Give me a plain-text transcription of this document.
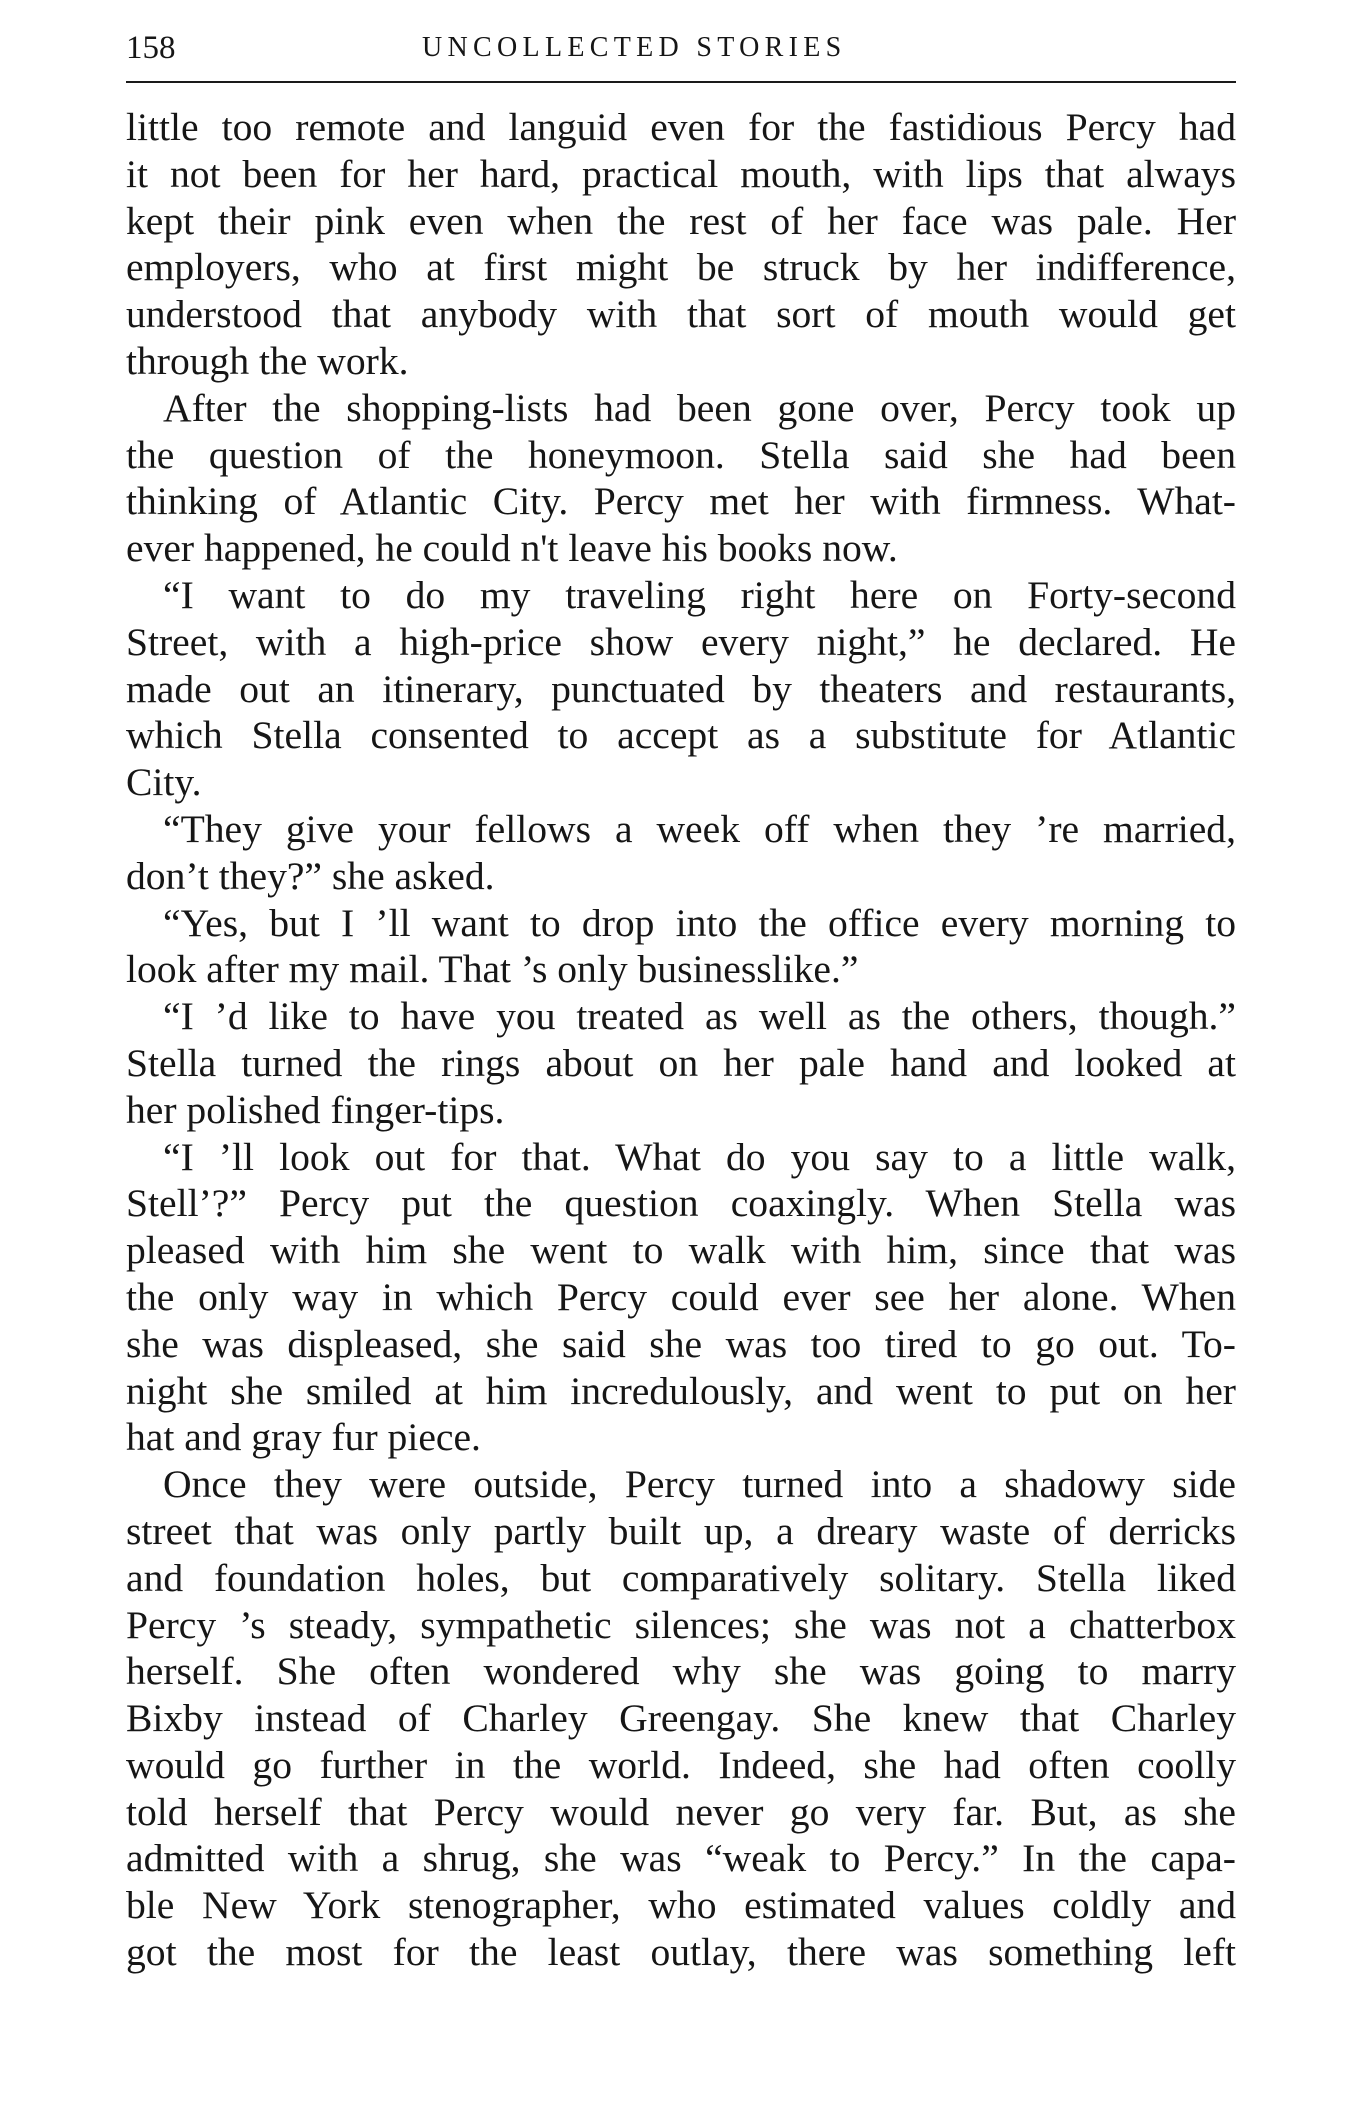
158	UNCOLLECTED STORIES
little too remote and languid even for the fastidious Percy had
it not been for her hard, practical mouth, with lips that always
kept their pink even when the rest of her face was pale. Her
employers, who at first might be struck by her indifference,
understood that anybody with that sort of mouth would get
through the work.
After the shopping-lists had been gone over, Percy took up
the question of the honeymoon. Stella said she had been
thinking of Atlantic City. Percy met her with firmness. What-
ever happened, he could n't leave his books now.
“I want to do my traveling right here on Forty-second
Street, with a high-price show every night,” he declared. He
made out an itinerary, punctuated by theaters and restaurants,
which Stella consented to accept as a substitute for Atlantic
City.
“They give your fellows a week off when they ’re married,
don’t they?” she asked.
“Yes, but I ’ll want to drop into the office every morning to
look after my mail. That ’s only businesslike.”
“I ’d like to have you treated as well as the others, though.”
Stella turned the rings about on her pale hand and looked at
her polished finger-tips.
“I ’ll look out for that. What do you say to a little walk,
Stell’?” Percy put the question coaxingly. When Stella was
pleased with him she went to walk with him, since that was
the only way in which Percy could ever see her alone. When
she was displeased, she said she was too tired to go out. To-
night she smiled at him incredulously, and went to put on her
hat and gray fur piece.
Once they were outside, Percy turned into a shadowy side
street that was only partly built up, a dreary waste of derricks
and foundation holes, but comparatively solitary. Stella liked
Percy ’s steady, sympathetic silences; she was not a chatterbox
herself. She often wondered why she was going to marry
Bixby instead of Charley Greengay. She knew that Charley
would go further in the world. Indeed, she had often coolly
told herself that Percy would never go very far. But, as she
admitted with a shrug, she was “weak to Percy.” In the capa-
ble New York stenographer, who estimated values coldly and
got the most for the least outlay, there was something left
